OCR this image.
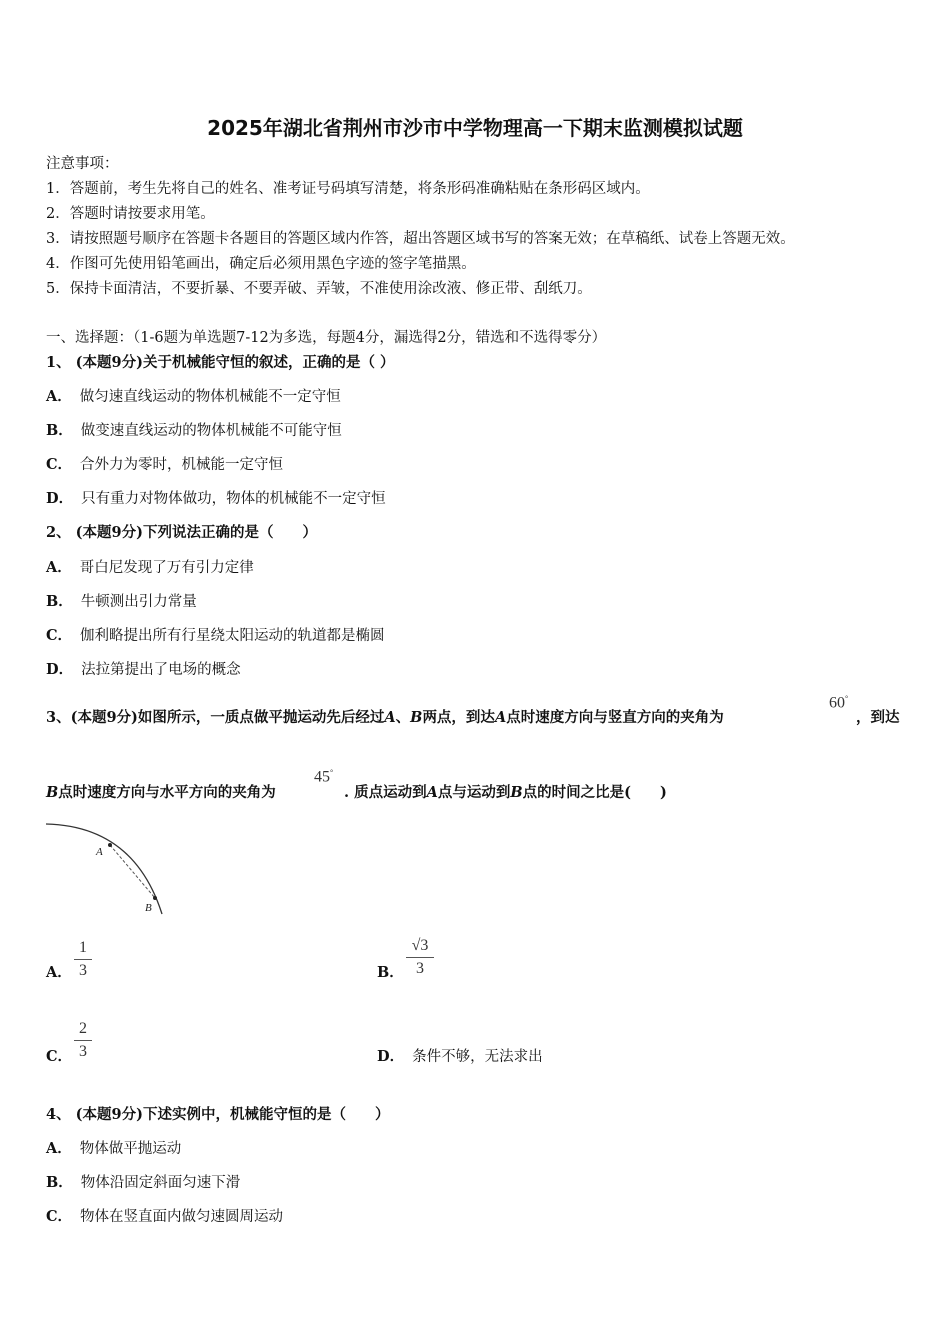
2025年湖北省荆州市沙市中学物理高一下期末监测模拟试题
注意事项：
1．答题前，考生先将自己的姓名、准考证号码填写清楚，将条形码准确粘贴在条形码区域内。
2．答题时请按要求用笔。
3．请按照题号顺序在答题卡各题目的答题区域内作答，超出答题区域书写的答案无效；在草稿纸、试卷上答题无效。
4．作图可先使用铅笔画出，确定后必须用黑色字迹的签字笔描黑。
5．保持卡面清洁，不要折暴、不要弄破、弄皱，不准使用涂改液、修正带、刮纸刀。
一、选择题：（1-6题为单选题7-12为多选，每题4分，漏选得2分，错选和不选得零分）
1、 (本题9分)关于机械能守恒的叙述，正确的是（ ）
A． 做匀速直线运动的物体机械能不一定守恒
B． 做变速直线运动的物体机械能不可能守恒
C． 合外力为零时，机械能一定守恒
D． 只有重力对物体做功，物体的机械能不一定守恒
2、 (本题9分)下列说法正确的是（　　）
A． 哥白尼发现了万有引力定律
B． 牛顿测出引力常量
C． 伽利略提出所有行星绕太阳运动的轨道都是椭圆
D． 法拉第提出了电场的概念
3、(本题9分)如图所示，一质点做平抛运动先后经过A、B两点，到达A点时速度方向与竖直方向的夹角为
60°
，到达
B点时速度方向与水平方向的夹角为
45°
. 质点运动到A点与运动到B点的时间之比是(　　)
A
B
A． $\frac{1}{3}$	B． $\frac{√3}{3}$
C． $\frac{2}{3}$	D． 条件不够，无法求出
4、 (本题9分)下述实例中，机械能守恒的是（　　）
A． 物体做平抛运动
B． 物体沿固定斜面匀速下滑
C． 物体在竖直面内做匀速圆周运动
